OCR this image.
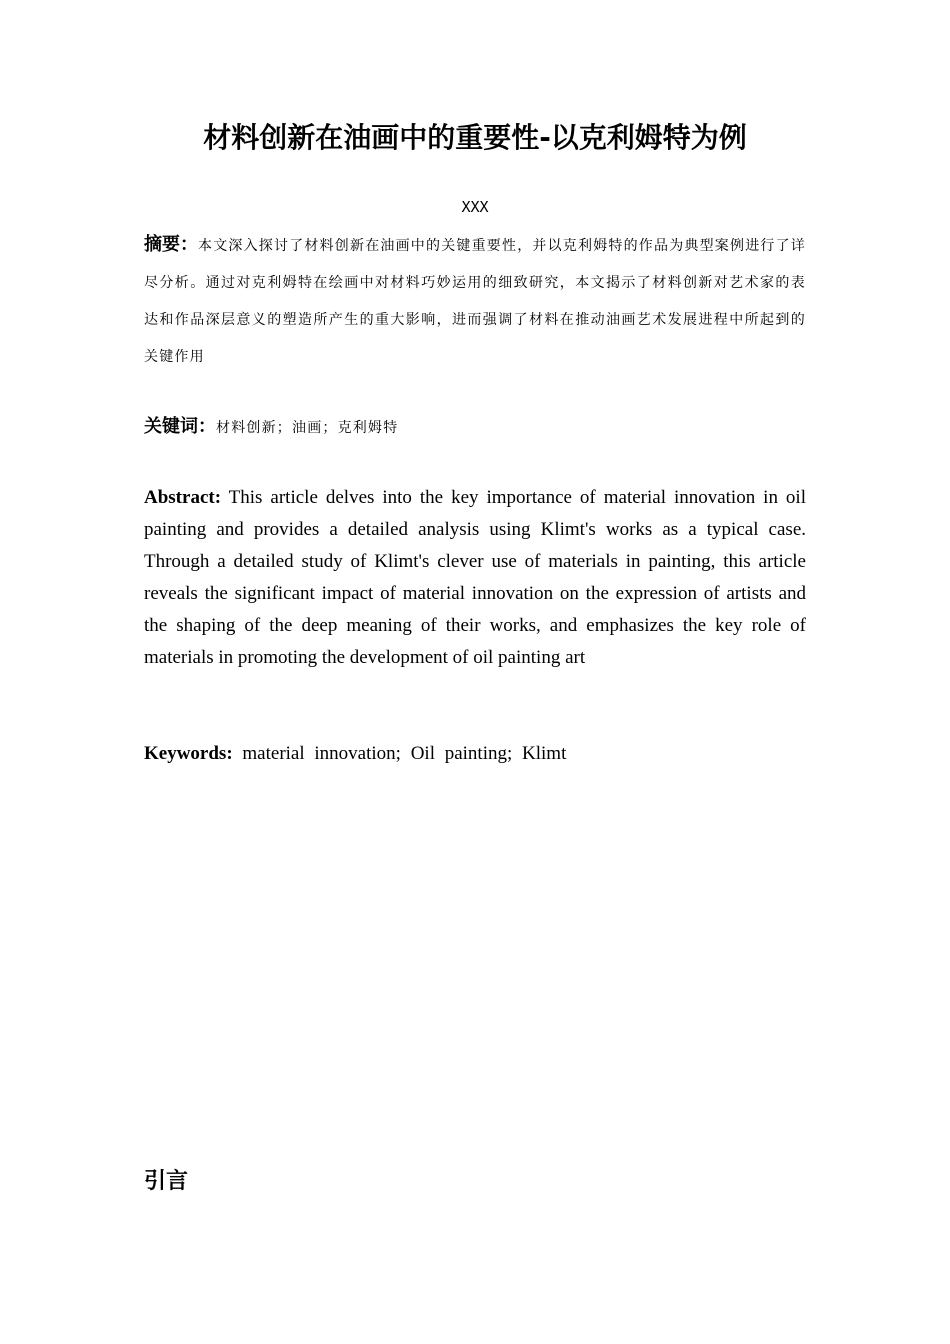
材料创新在油画中的重要性-以克利姆特为例
XXX
摘要：本文深入探讨了材料创新在油画中的关键重要性，并以克利姆特的作品为典型案例进行了详尽分析。通过对克利姆特在绘画中对材料巧妙运用的细致研究，本文揭示了材料创新对艺术家的表达和作品深层意义的塑造所产生的重大影响，进而强调了材料在推动油画艺术发展进程中所起到的关键作用
关键词：材料创新；油画；克利姆特
Abstract: This article delves into the key importance of material innovation in oil painting and provides a detailed analysis using Klimt's works as a typical case. Through a detailed study of Klimt's clever use of materials in painting, this article reveals the significant impact of material innovation on the expression of artists and the shaping of the deep meaning of their works, and emphasizes the key role of materials in promoting the development of oil painting art
Keywords: material innovation; Oil painting; Klimt
引言
